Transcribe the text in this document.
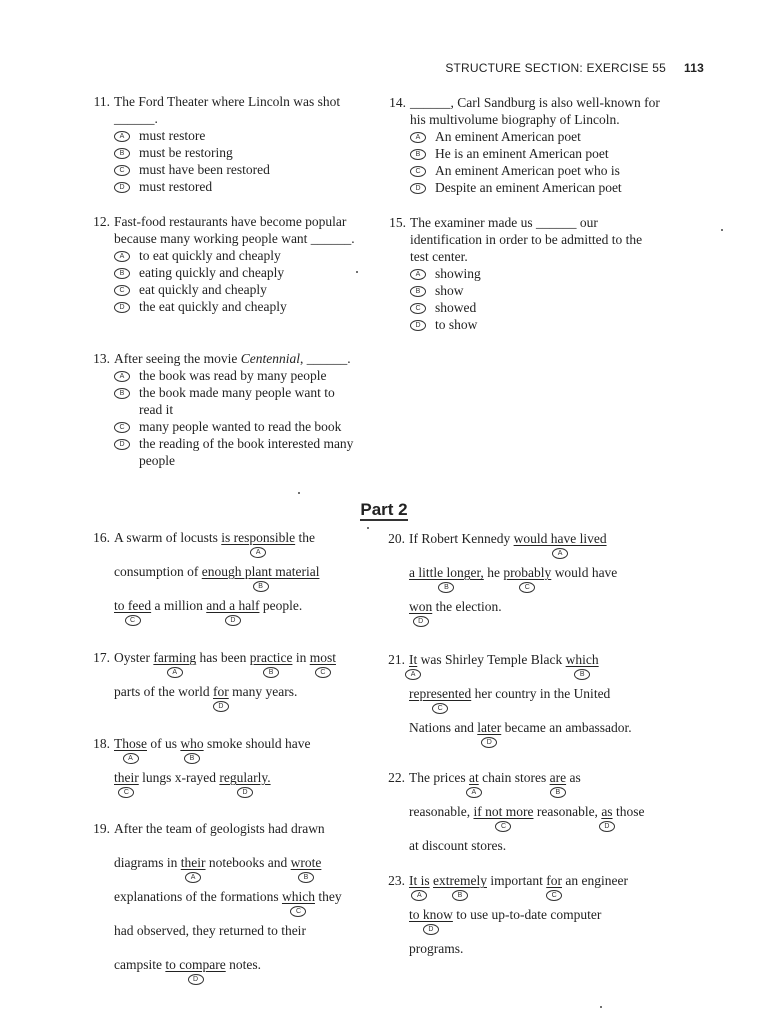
STRUCTURE SECTION: EXERCISE 55 113
11. The Ford Theater where Lincoln was shot ______.
A	must restore
B	must be restoring
C	must have been restored
D	must restored
12. Fast-food restaurants have become popular because many working people want ______.
A	to eat quickly and cheaply
B	eating quickly and cheaply
C	eat quickly and cheaply
D	the eat quickly and cheaply
13. After seeing the movie Centennial, ______.
A	the book was read by many people
B	the book made many people want to read it
C	many people wanted to read the book
D	the reading of the book interested many people
14. ______, Carl Sandburg is also well-known for his multivolume biography of Lincoln.
A	An eminent American poet
B	He is an eminent American poet
C	An eminent American poet who is
D	Despite an eminent American poet
15. The examiner made us ______ our identification in order to be admitted to the test center.
A	showing
B	show
C	showed
D	to show
Part 2
16. A swarm of locusts is responsible
A
the
consumption of enough plant material
B
to feed
C
a million and a half
D
people.
17. Oyster farming
A
has been practice
B
in most
C
parts of the world for
D
many years.
18. Those
A
of us who
B
smoke should have
their
C
lungs x-rayed regularly.
D
19. After the team of geologists had drawn
diagrams in their
A
notebooks and wrote
B
explanations of the formations which
C
they
had observed, they returned to their
campsite to compare
D
notes.
20. If Robert Kennedy would have lived
A
a little longer,
B
he probably
C
would have
won
D
the election.
21. It
A
was Shirley Temple Black which
B
represented
C
her country in the United
Nations and later
D
became an ambassador.
22. The prices at
A
chain stores are
B
as
reasonable, if not more
C
reasonable, as
D
those
at discount stores.
23. It is
A

extremely
B
important for
C
an engineer
to know
D
to use up-to-date computer
programs.
